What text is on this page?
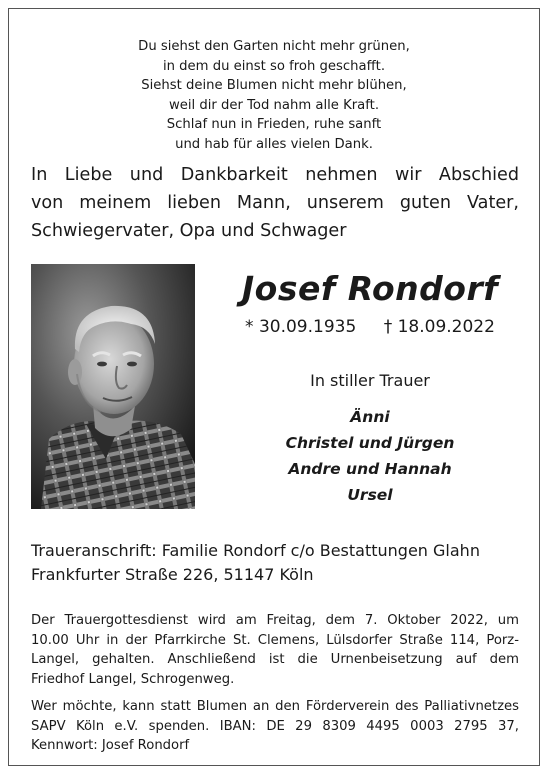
Du siehst den Garten nicht mehr grünen,
in dem du einst so froh geschafft.
Siehst deine Blumen nicht mehr blühen,
weil dir der Tod nahm alle Kraft.
Schlaf nun in Frieden, ruhe sanft
und hab für alles vielen Dank.
In Liebe und Dankbarkeit nehmen wir Abschied
von meinem lieben Mann, unserem guten Vater,
Schwiegervater, Opa und Schwager
Josef Rondorf
* 30.09.1935 † 18.09.2022
In stiller Trauer
Änni
Christel und Jürgen
Andre und Hannah
Ursel
Traueranschrift: Familie Rondorf c/o Bestattungen Glahn
Frankfurter Straße 226, 51147 Köln
Der Trauergottesdienst wird am Freitag, dem 7. Oktober 2022, um
10.00 Uhr in der Pfarrkirche St. Clemens, Lülsdorfer Straße 114, Porz-
Langel, gehalten. Anschließend ist die Urnenbeisetzung auf dem
Friedhof Langel, Schrogenweg.
Wer möchte, kann statt Blumen an den Förderverein des Palliativnetzes
SAPV Köln e.V. spenden. IBAN: DE 29 8309 4495 0003 2795 37,
Kennwort: Josef Rondorf
